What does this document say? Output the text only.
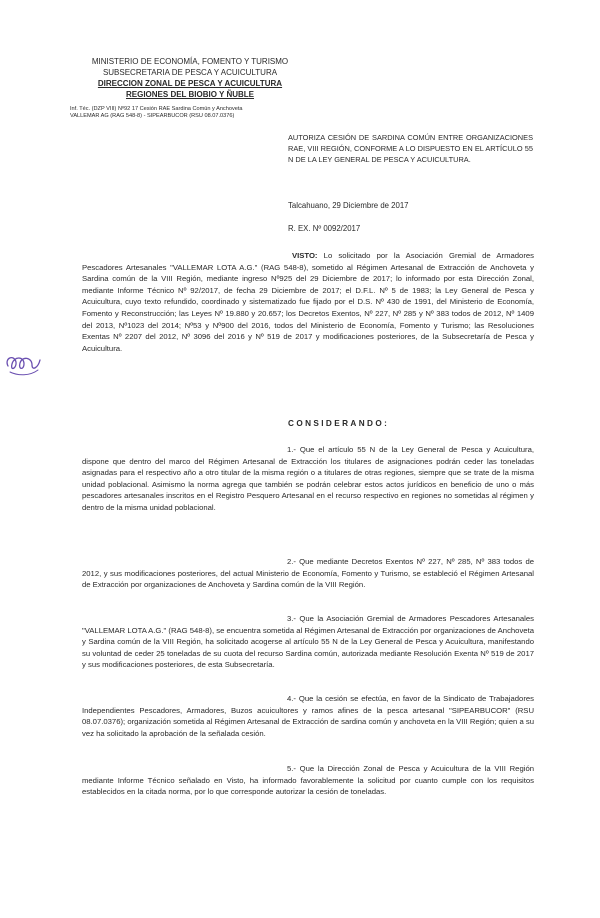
MINISTERIO DE ECONOMÍA, FOMENTO Y TURISMO
SUBSECRETARIA DE PESCA Y ACUICULTURA
DIRECCION ZONAL DE PESCA Y ACUICULTURA
REGIONES DEL BIOBIO Y ÑUBLE
Inf. Téc. (DZP VIII) Nº92 17 Cesión RAE Sardina Común y Anchoveta
VALLEMAR AG (RAG 548-8) - SIPEARBUCOR (RSU 08.07.0376)
AUTORIZA CESIÓN DE SARDINA COMÚN ENTRE ORGANIZACIONES RAE, VIII REGIÓN, CONFORME A LO DISPUESTO EN EL ARTÍCULO 55 N DE LA LEY GENERAL DE PESCA Y ACUICULTURA.
Talcahuano, 29 Diciembre de 2017
R. EX. Nº 0092/2017

VISTO: Lo solicitado por la Asociación Gremial de Armadores Pescadores Artesanales "VALLEMAR LOTA A.G." (RAG 548-8), sometido al Régimen Artesanal de Extracción de Anchoveta y Sardina común de la VIII Región, mediante ingreso Nº925 del 29 Diciembre de 2017; lo informado por esta Dirección Zonal, mediante Informe Técnico Nº 92/2017, de fecha 29 Diciembre de 2017; el D.F.L. Nº 5 de 1983; la Ley General de Pesca y Acuicultura, cuyo texto refundido, coordinado y sistematizado fue fijado por el D.S. Nº 430 de 1991, del Ministerio de Economía, Fomento y Reconstrucción; las Leyes Nº 19.880 y 20.657; los Decretos Exentos, Nº 227, Nº 285 y Nº 383 todos de 2012, Nº 1409 del 2013, Nº1023 del 2014; Nº53 y Nº900 del 2016, todos del Ministerio de Economía, Fomento y Turismo; las Resoluciones Exentas Nº 2207 del 2012, Nº 3096 del 2016 y Nº 519 de 2017 y modificaciones posteriores, de la Subsecretaría de Pesca y Acuicultura.

CONSIDERANDO:

1.- Que el artículo 55 N de la Ley General de Pesca y Acuicultura, dispone que dentro del marco del Régimen Artesanal de Extracción los titulares de asignaciones podrán ceder las toneladas asignadas para el respectivo año a otro titular de la misma región o a titulares de otras regiones, siempre que se trate de la misma unidad poblacional. Asimismo la norma agrega que también se podrán celebrar estos actos jurídicos en beneficio de uno o más pescadores artesanales inscritos en el Registro Pesquero Artesanal en el recurso respectivo en regiones no sometidas al régimen y dentro de la misma unidad poblacional.

2.- Que mediante Decretos Exentos Nº 227, Nº 285, Nº 383 todos de 2012, y sus modificaciones posteriores, del actual Ministerio de Economía, Fomento y Turismo, se estableció el Régimen Artesanal de Extracción por organizaciones de Anchoveta y Sardina común de la VIII Región.

3.- Que la Asociación Gremial de Armadores Pescadores Artesanales "VALLEMAR LOTA A.G." (RAG 548-8), se encuentra sometida al Régimen Artesanal de Extracción por organizaciones de Anchoveta y Sardina común de la VIII Región, ha solicitado acogerse al artículo 55 N de la Ley General de Pesca y Acuicultura, manifestando su voluntad de ceder 25 toneladas de su cuota del recurso Sardina común, autorizada mediante Resolución Exenta Nº 519 de 2017 y sus modificaciones posteriores, de esta Subsecretaría.

4.- Que la cesión se efectúa, en favor de la Sindicato de Trabajadores Independientes Pescadores, Armadores, Buzos acuicultores y ramos afines de la pesca artesanal "SIPEARBUCOR" (RSU 08.07.0376); organización sometida al Régimen Artesanal de Extracción de sardina común y anchoveta en la VIII Región; quien a su vez ha solicitado la aprobación de la señalada cesión.

5.- Que la Dirección Zonal de Pesca y Acuicultura de la VIII Región mediante Informe Técnico señalado en Visto, ha informado favorablemente la solicitud por cuanto cumple con los requisitos establecidos en la citada norma, por lo que corresponde autorizar la cesión de toneladas.
